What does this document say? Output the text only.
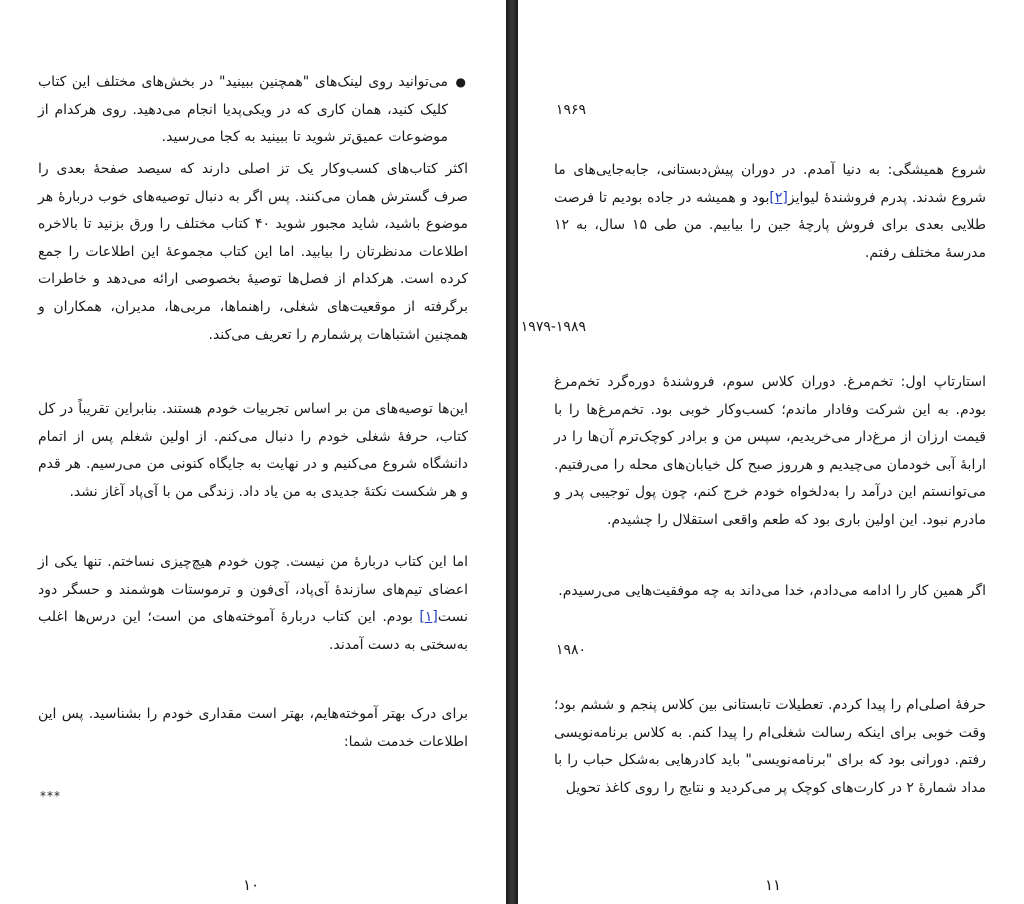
●
می‌توانید روی لینک‌های "همچنین ببینید" در بخش‌های مختلف این کتاب کلیک کنید، همان کاری که در ویکی‌پدیا انجام می‌دهید. روی هرکدام از موضوعات عمیق‌تر شوید تا ببینید به کجا می‌رسید.

اکثر کتاب‌های کسب‌وکار یک تز اصلی دارند که سیصد صفحهٔ بعدی را صرف گسترش همان می‌کنند. پس اگر به دنبال توصیه‌های خوب دربارهٔ هر موضوع باشید، شاید مجبور شوید ۴۰ کتاب مختلف را ورق بزنید تا بالاخره اطلاعات مدنظرتان را بیابید. اما این کتاب مجموعهٔ این اطلاعات را جمع کرده است. هرکدام از فصل‌ها توصیهٔ بخصوصی ارائه می‌دهد و خاطرات برگرفته از موقعیت‌های شغلی، راهنماها، مربی‌ها، مدیران، همکاران و همچنین اشتباهات پرشمارم را تعریف می‌کند.

این‌ها توصیه‌های من بر اساس تجربیات خودم هستند. بنابراین تقریباً در کل کتاب، حرفهٔ شغلی خودم را دنبال می‌کنم. از اولین شغلم پس از اتمام دانشگاه شروع می‌کنیم و در نهایت به جایگاه کنونی من می‌رسیم. هر قدم و هر شکست نکتهٔ جدیدی به من یاد داد. زندگی من با آی‌پاد آغاز نشد.

اما این کتاب دربارهٔ من نیست. چون خودم هیچ‌چیزی نساختم. تنها یکی از اعضای تیم‌های سازندهٔ آی‌پاد، آی‌فون و ترموستات هوشمند و حسگر دود نست[۱] بودم. این کتاب دربارهٔ آموخته‌های من است؛ این درس‌ها اغلب به‌سختی به دست آمدند.

برای درک بهتر آموخته‌هایم، بهتر است مقداری خودم را بشناسید. پس این اطلاعات خدمت شما:

***
۱۰
۱۹۶۹

شروع همیشگی: به دنیا آمدم. در دوران پیش‌دبستانی، جابه‌جایی‌های ما شروع شدند. پدرم فروشندهٔ لیوایز[۲]بود و همیشه در جاده بودیم تا فرصت طلایی بعدی برای فروش پارچهٔ جین را بیابیم. من طی ۱۵ سال، به ۱۲ مدرسهٔ مختلف رفتم.

۱۹۷۹-۱۹۸۹

استارتاپ اول: تخم‌مرغ. دوران کلاس سوم، فروشندهٔ دوره‌گرد تخم‌مرغ بودم. به این شرکت وفادار ماندم؛ کسب‌وکار خوبی بود. تخم‌مرغ‌ها را با قیمت ارزان از مرغ‌دار می‌خریدیم، سپس من و برادر کوچک‌ترم آن‌ها را در ارابهٔ آبی خودمان می‌چیدیم و هرروز صبح کل خیابان‌های محله را می‌رفتیم. می‌توانستم این درآمد را به‌دلخواه خودم خرج کنم، چون پول توجیبی پدر و مادرم نبود. این اولین باری بود که طعم واقعی استقلال را چشیدم.

اگر همین کار را ادامه می‌دادم، خدا می‌داند به چه موفقیت‌هایی می‌رسیدم.

۱۹۸۰

حرفهٔ اصلی‌ام را پیدا کردم. تعطیلات تابستانی بین کلاس پنجم و ششم بود؛ وقت خوبی برای اینکه رسالت شغلی‌ام را پیدا کنم. به کلاس برنامه‌نویسی رفتم. دورانی بود که برای "برنامه‌نویسی" باید کادرهایی به‌شکل حباب را با مداد شمارهٔ ۲ در کارت‌های کوچک پر می‌کردید و نتایج را روی کاغذ تحویل

۱۱
